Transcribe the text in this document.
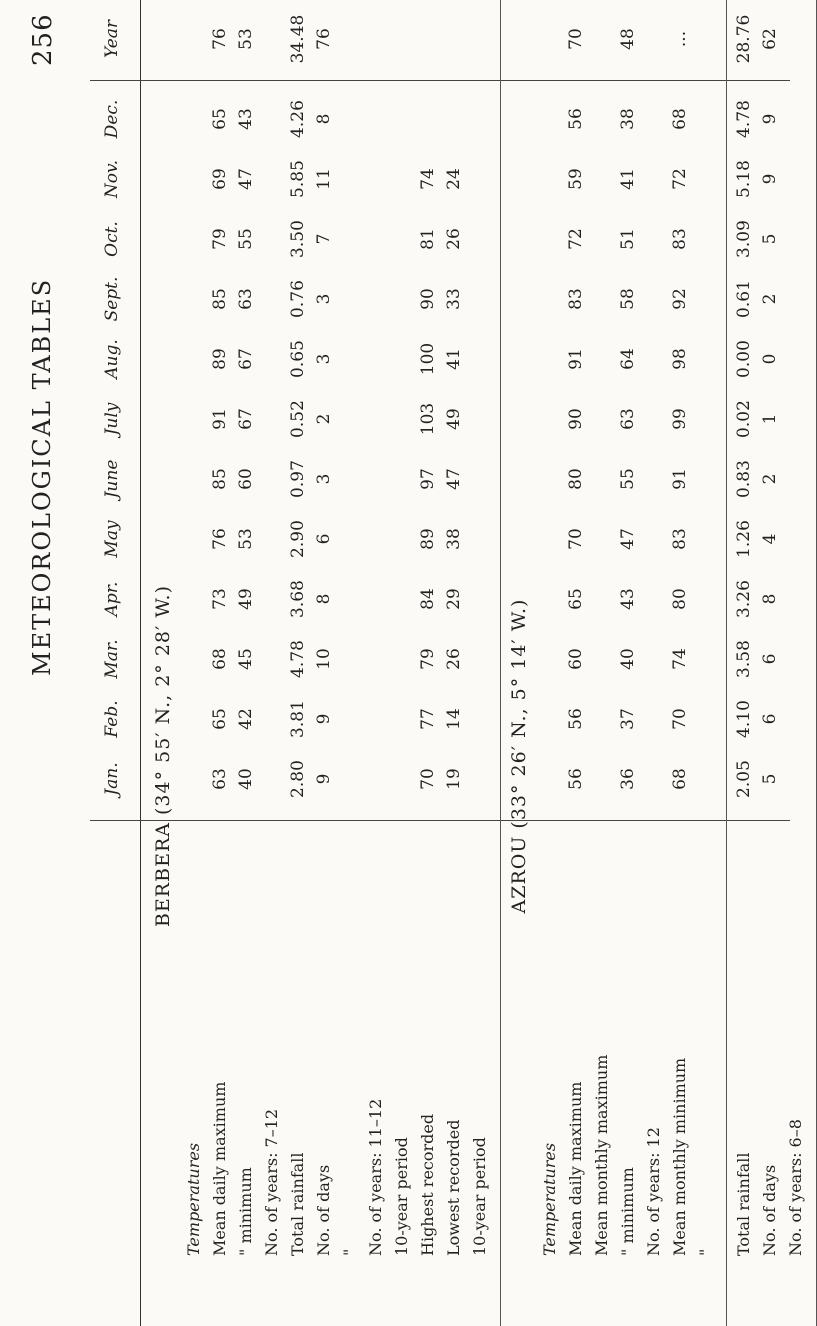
METEOROLOGICAL TABLES
256
Jan.
Feb.
Mar.
Apr.
May
June
July
Aug.
Sept.
Oct.
Nov.
Dec.
Year
BERBERA (34° 55′ N., 2° 28′ W.)
Temperatures Mean daily maximum
63
65
68
73
76
85
91
89
85
79
69
65
76
" minimum
40
42
45
49
53
60
67
67
63
55
47
43
53
No. of years: 7–12 Total rainfall
2.80
3.81
4.78
3.68
2.90
0.97
0.52
0.65
0.76
3.50
5.85
4.26
34.48
No. of days
9
9
10
8
6
3
2
3
3
7
11
8
76
" No. of years: 11–12 10-year period Highest recorded
70
77
79
84
89
97
103
100
90
81
74
Lowest recorded
19
14
26
29
38
47
49
41
33
26
24
10-year period
AZROU (33° 26′ N., 5° 14′ W.)
Temperatures Mean daily maximum
56
56
60
65
70
80
90
91
83
72
59
56
70
Mean monthly maximum " minimum
36
37
40
43
47
55
63
64
58
51
41
38
48
No. of years: 12 Mean monthly minimum
68
70
74
80
83
91
99
98
92
83
72
68
...
" Total rainfall
2.05
4.10
3.58
3.26
1.26
0.83
0.02
0.00
0.61
3.09
5.18
4.78
28.76
No. of days
5
6
6
8
4
2
1
0
2
5
9
9
62
No. of years: 6–8
